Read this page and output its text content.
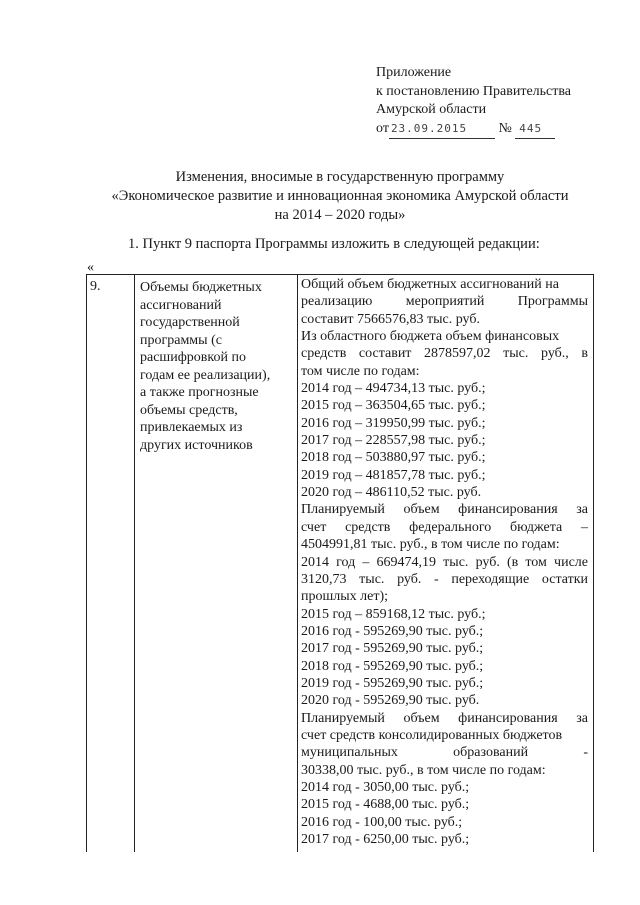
Приложение
к постановлению Правительства
Амурской области
от 23.09.2015 № 445
Изменения, вносимые в государственную программу
«Экономическое развитие и инновационная экономика Амурской области
на 2014 – 2020 годы»
1. Пункт 9 паспорта Программы изложить в следующей редакции:
«
9.	Объемы бюджетных
ассигнований
государственной
программы (с
расшифровкой по
годам ее реализации),
а также прогнозные
объемы средств,
привлекаемых из
других источников
Общий объем бюджетных ассигнований на
реализацию мероприятий Программы
составит 7566576,83 тыс. руб.
Из областного бюджета объем финансовых
средств составит 2878597,02 тыс. руб., в
том числе по годам:
2014 год – 494734,13 тыс. руб.;
2015 год – 363504,65 тыс. руб.;
2016 год – 319950,99 тыс. руб.;
2017 год – 228557,98 тыс. руб.;
2018 год – 503880,97 тыс. руб.;
2019 год – 481857,78 тыс. руб.;
2020 год – 486110,52 тыс. руб.
Планируемый объем финансирования за
счет средств федерального бюджета –
4504991,81 тыс. руб., в том числе по годам:
2014 год – 669474,19 тыс. руб. (в том числе
3120,73 тыс. руб. - переходящие остатки
прошлых лет);
2015 год – 859168,12 тыс. руб.;
2016 год - 595269,90 тыс. руб.;
2017 год - 595269,90 тыс. руб.;
2018 год - 595269,90 тыс. руб.;
2019 год - 595269,90 тыс. руб.;
2020 год - 595269,90 тыс. руб.
Планируемый объем финансирования за
счет средств консолидированных бюджетов
муниципальных образований -
30338,00 тыс. руб., в том числе по годам:
2014 год - 3050,00 тыс. руб.;
2015 год - 4688,00 тыс. руб.;
2016 год - 100,00 тыс. руб.;
2017 год - 6250,00 тыс. руб.;
